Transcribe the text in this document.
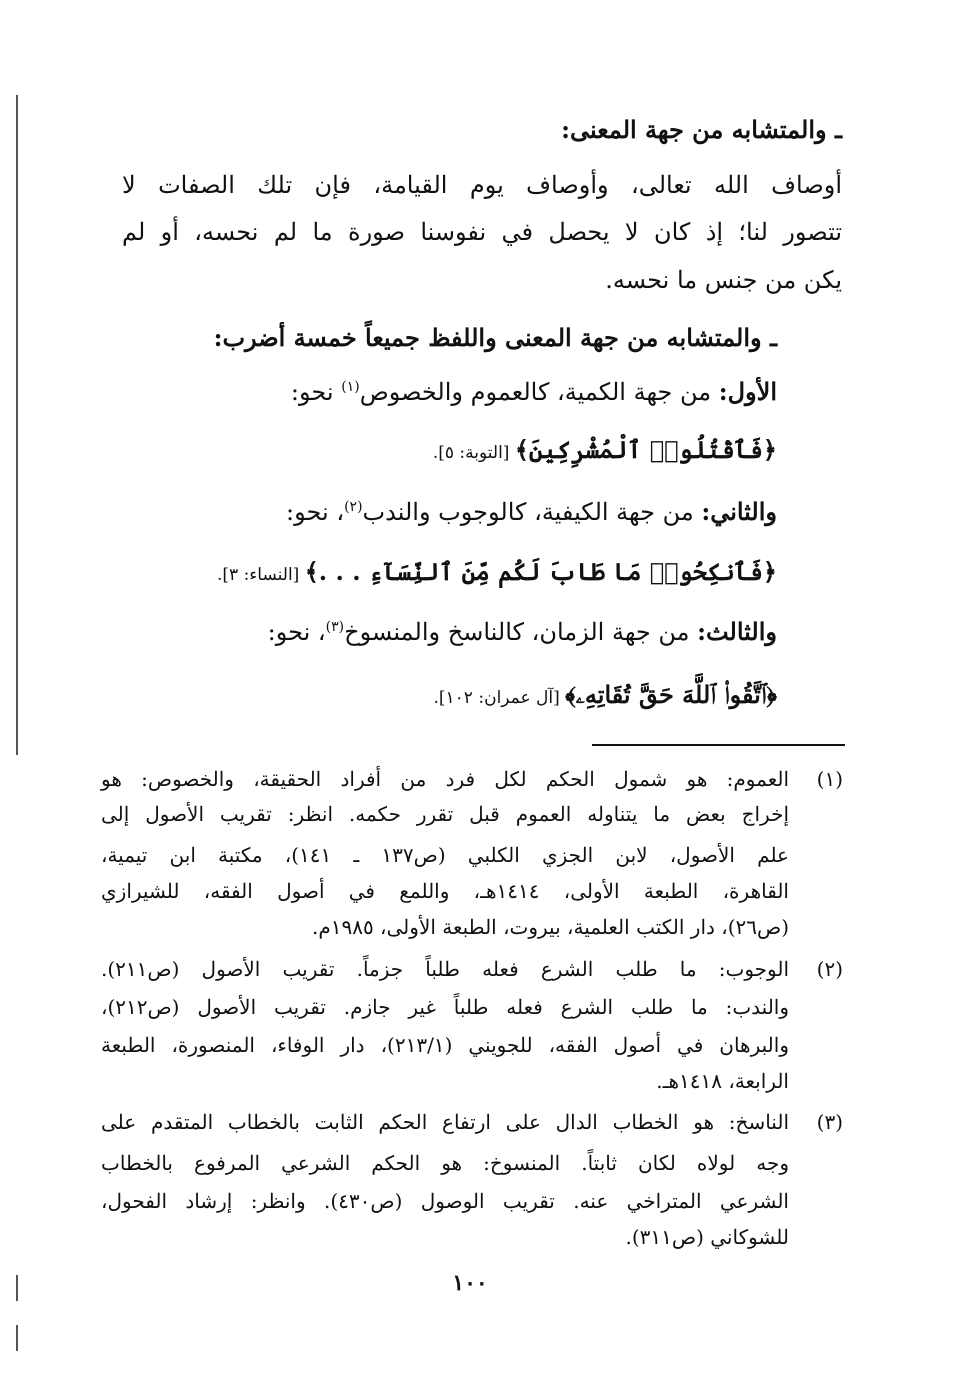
ـ والمتشابه من جهة المعنى:
أوصاف الله تعالى، وأوصاف يوم القيامة، فإن تلك الصفات لا
تتصور لنا؛ إذ كان لا يحصل في نفوسنا صورة ما لم نحسه، أو لم
يكن من جنس ما نحسه.
ـ والمتشابه من جهة المعنى واللفظ جميعاً خمسة أضرب:
الأول: من جهة الكمية، كالعموم والخصوص$^{(١)}$ نحو:
﴿فَٱقْتُلُوا۟ ٱلْمُشْرِكِينَ﴾ [التوبة: ٥].
والثاني: من جهة الكيفية، كالوجوب والندب$^{(٢)}$، نحو:
﴿فَٱنكِحُوا۟ مَا طَابَ لَكُم مِّنَ ٱلنِّسَآءِ . . .﴾ [النساء: ٣].
والثالث: من جهة الزمان، كالناسخ والمنسوخ$^{(٣)}$، نحو:
﴿ٱتَّقُوا۟ ٱللَّهَ حَقَّ تُقَاتِهِۦ﴾ [آل عمران: ١٠٢].
(١)
العموم: هو شمول الحكم لكل فرد من أفراد الحقيقة، والخصوص: هو
إخراج بعض ما يتناوله العموم قبل تقرر حكمه. انظر: تقريب الأصول إلى
علم الأصول، لابن الجزي الكلبي (ص١٣٧ ـ ١٤١)، مكتبة ابن تيمية،
القاهرة، الطبعة الأولى، ١٤١٤هـ، واللمع في أصول الفقه، للشيرازي
(ص٢٦)، دار الكتب العلمية، بيروت، الطبعة الأولى، ١٩٨٥م.
(٢)
الوجوب: ما طلب الشرع فعله طلباً جزماً. تقريب الأصول (ص٢١١).
والندب: ما طلب الشرع فعله طلباً غير جازم. تقريب الأصول (ص٢١٢)،
والبرهان في أصول الفقه، للجويني (٢١٣/١)، دار الوفاء، المنصورة، الطبعة
الرابعة، ١٤١٨هـ.
(٣)
الناسخ: هو الخطاب الدال على ارتفاع الحكم الثابت بالخطاب المتقدم على
وجه لولاه لكان ثابتاً. المنسوخ: هو الحكم الشرعي المرفوع بالخطاب
الشرعي المتراخي عنه. تقريب الوصول (ص٤٣٠). وانظر: إرشاد الفحول،
للشوكاني (ص٣١١).
١٠٠
